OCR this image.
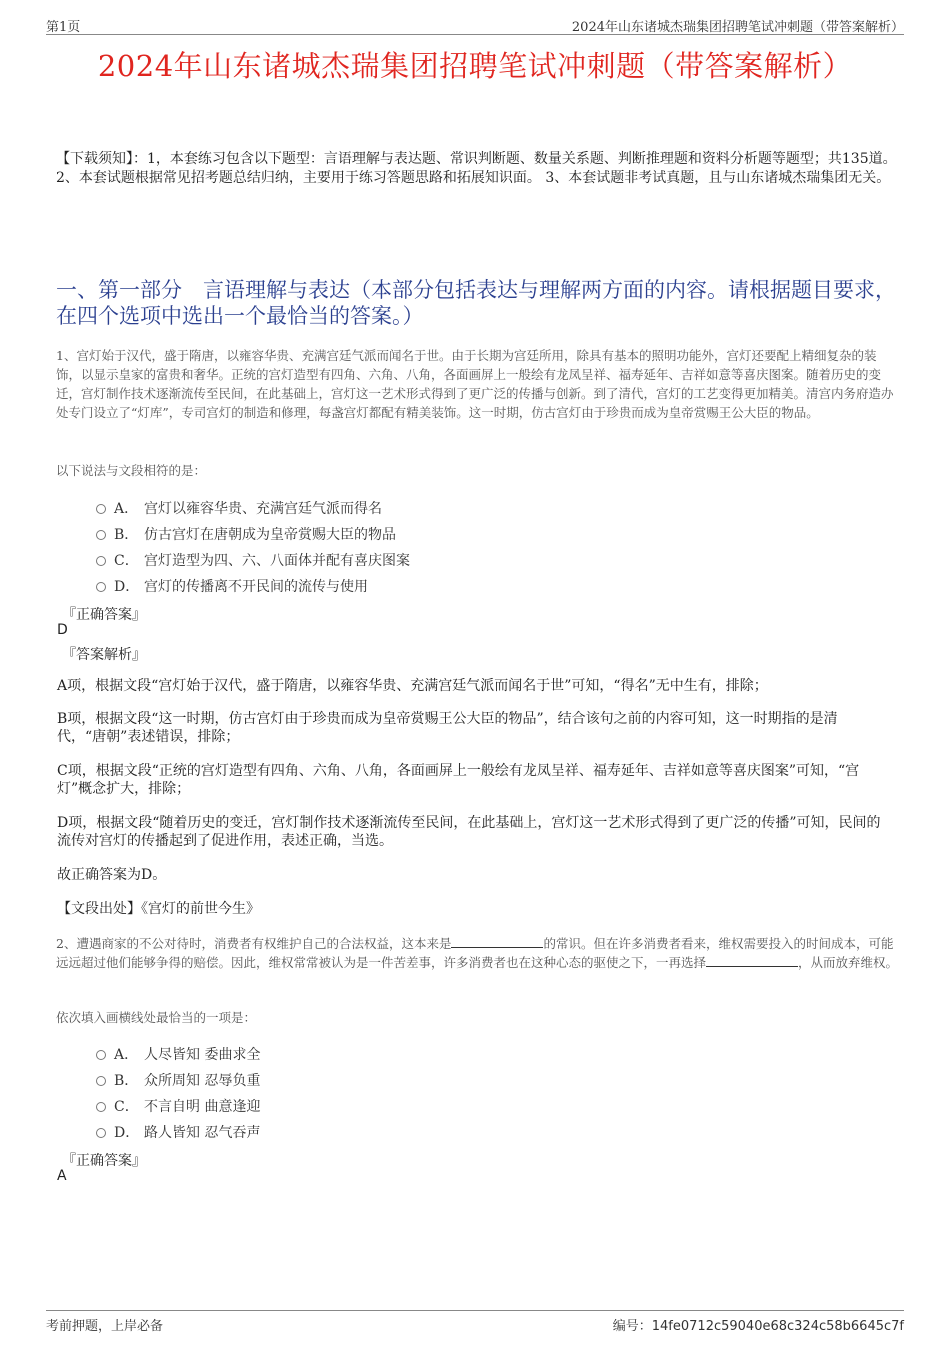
第1页	2024年山东诸城杰瑞集团招聘笔试冲刺题（带答案解析）
2024年山东诸城杰瑞集团招聘笔试冲刺题（带答案解析）
【下载须知】：1，本套练习包含以下题型：言语理解与表达题、常识判断题、数量关系题、判断推理题和资料分析题等题型；共135道。 2、本套试题根据常见招考题总结归纳，主要用于练习答题思路和拓展知识面。 3、本套试题非考试真题，且与山东诸城杰瑞集团无关。
一、第一部分　言语理解与表达（本部分包括表达与理解两方面的内容。请根据题目要求，在四个选项中选出一个最恰当的答案。）
1、宫灯始于汉代，盛于隋唐，以雍容华贵、充满宫廷气派而闻名于世。由于长期为宫廷所用，除具有基本的照明功能外，宫灯还要配上精细复杂的装饰，以显示皇家的富贵和奢华。正统的宫灯造型有四角、六角、八角，各面画屏上一般绘有龙凤呈祥、福寿延年、吉祥如意等喜庆图案。随着历史的变迁，宫灯制作技术逐渐流传至民间，在此基础上，宫灯这一艺术形式得到了更广泛的传播与创新。到了清代，宫灯的工艺变得更加精美。清宫内务府造办处专门设立了“灯库”，专司宫灯的制造和修理，每盏宫灯都配有精美装饰。这一时期，仿古宫灯由于珍贵而成为皇帝赏赐王公大臣的物品。
以下说法与文段相符的是：
A． 宫灯以雍容华贵、充满宫廷气派而得名
B． 仿古宫灯在唐朝成为皇帝赏赐大臣的物品
C． 宫灯造型为四、六、八面体并配有喜庆图案
D． 宫灯的传播离不开民间的流传与使用
『正确答案』
D
『答案解析』
A项，根据文段“宫灯始于汉代，盛于隋唐，以雍容华贵、充满宫廷气派而闻名于世”可知，“得名”无中生有，排除；
B项，根据文段“这一时期，仿古宫灯由于珍贵而成为皇帝赏赐王公大臣的物品”，结合该句之前的内容可知，这一时期指的是清代，“唐朝”表述错误，排除；
C项，根据文段“正统的宫灯造型有四角、六角、八角，各面画屏上一般绘有龙凤呈祥、福寿延年、吉祥如意等喜庆图案”可知，“宫灯”概念扩大，排除；
D项，根据文段“随着历史的变迁，宫灯制作技术逐渐流传至民间，在此基础上，宫灯这一艺术形式得到了更广泛的传播”可知，民间的流传对宫灯的传播起到了促进作用，表述正确，当选。
故正确答案为D。
【文段出处】《宫灯的前世今生》
2、遭遇商家的不公对待时，消费者有权维护自己的合法权益，这本来是	的常识。但在许多消费者看来，维权需要投入的时间成本，可能远远超过他们能够争得的赔偿。因此，维权常常被认为是一件苦差事，许多消费者也在这种心态的驱使之下，一再选择	，从而放弃维权。
依次填入画横线处最恰当的一项是：
A． 人尽皆知 委曲求全
B． 众所周知 忍辱负重
C． 不言自明 曲意逢迎
D． 路人皆知 忍气吞声
『正确答案』
A
考前押题，上岸必备	编号：14fe0712c59040e68c324c58b6645c7f
